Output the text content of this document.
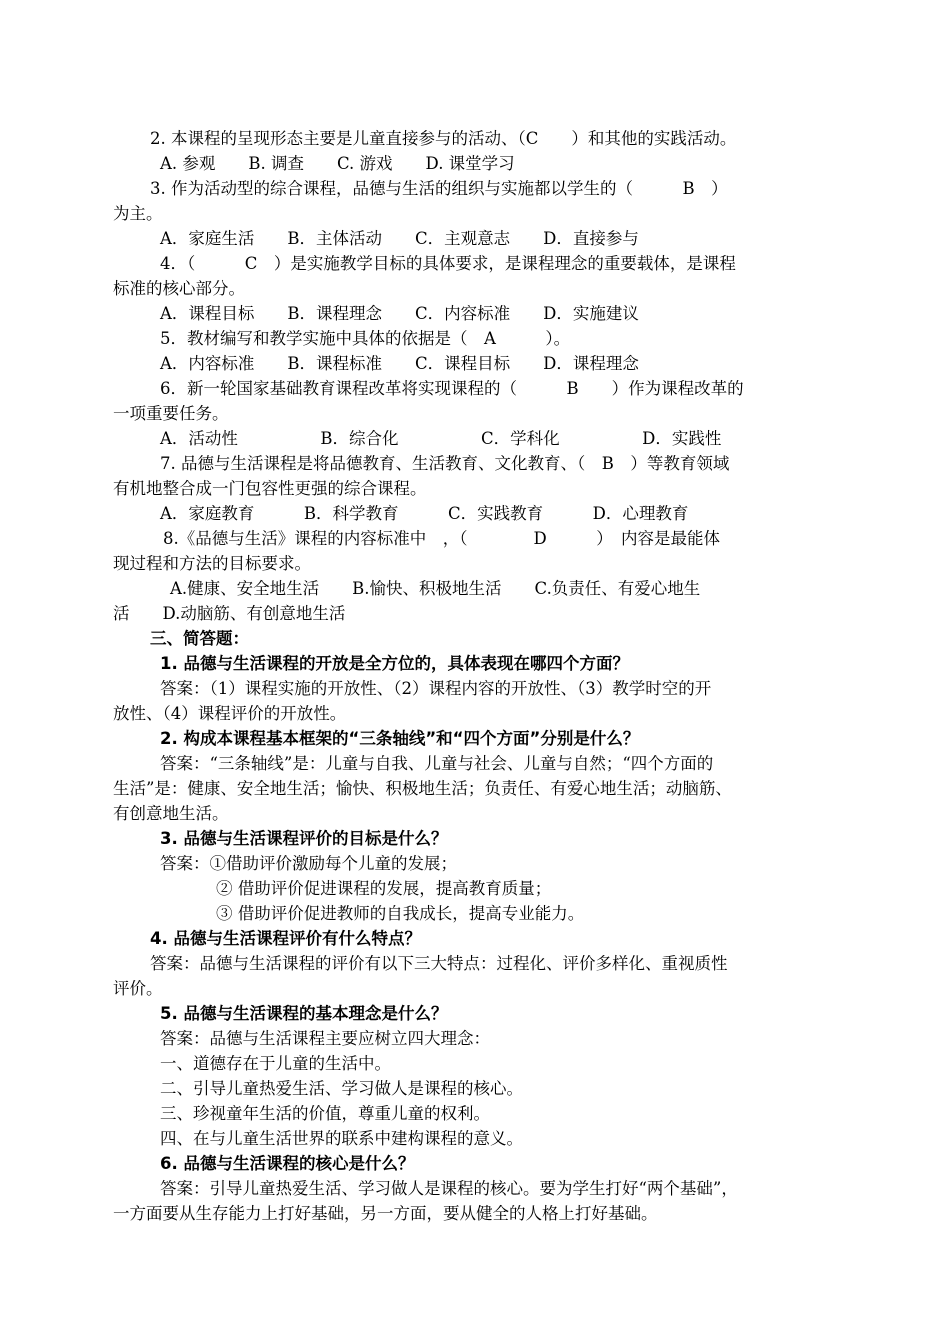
2. 本课程的呈现形态主要是儿童直接参与的活动、（C　　）和其他的实践活动。
A. 参观　　B. 调查　　C. 游戏　　D. 课堂学习
3. 作为活动型的综合课程，品德与生活的组织与实施都以学生的（　　　B　）
为主。
A．家庭生活　　B．主体活动　　C．主观意志　　D．直接参与
4．（　　　C　）是实施教学目标的具体要求，是课程理念的重要载体，是课程
标准的核心部分。
A．课程目标　　B．课程理念　　C．内容标准　　D．实施建议
5．教材编写和教学实施中具体的依据是（　A　　　）。
A．内容标准　　B．课程标准　　C．课程目标　　D．课程理念
6．新一轮国家基础教育课程改革将实现课程的（　　　B　　）作为课程改革的
一项重要任务。
A．活动性　　　　　B．综合化　　　　　C．学科化　　　　　D．实践性
7. 品德与生活课程是将品德教育、生活教育、文化教育、（　B　）等教育领域
有机地整合成一门包容性更强的综合课程。
A．家庭教育　　　B．科学教育　　　C．实践教育　　　D．心理教育
8.《品德与生活》课程的内容标准中　，（　　　　D　　　）　内容是最能体
现过程和方法的目标要求。
A.健康、安全地生活　　B.愉快、积极地生活　　C.负责任、有爱心地生
活　　D.动脑筋、有创意地生活
三、简答题：
1. 品德与生活课程的开放是全方位的，具体表现在哪四个方面？
答案：（1）课程实施的开放性、（2）课程内容的开放性、（3）教学时空的开
放性、（4）课程评价的开放性。
2. 构成本课程基本框架的“三条轴线”和“四个方面”分别是什么？
答案：“三条轴线”是：儿童与自我、儿童与社会、儿童与自然；“四个方面的
生活”是：健康、安全地生活；愉快、积极地生活；负责任、有爱心地生活；动脑筋、
有创意地生活。
3. 品德与生活课程评价的目标是什么？
答案：①借助评价激励每个儿童的发展；
② 借助评价促进课程的发展，提高教育质量；
③ 借助评价促进教师的自我成长，提高专业能力。
4. 品德与生活课程评价有什么特点？
答案：品德与生活课程的评价有以下三大特点：过程化、评价多样化、重视质性
评价。
5. 品德与生活课程的基本理念是什么？
答案：品德与生活课程主要应树立四大理念：
一、道德存在于儿童的生活中。
二、引导儿童热爱生活、学习做人是课程的核心。
三、珍视童年生活的价值，尊重儿童的权利。
四、在与儿童生活世界的联系中建构课程的意义。
6. 品德与生活课程的核心是什么？
答案：引导儿童热爱生活、学习做人是课程的核心。要为学生打好“两个基础”，
一方面要从生存能力上打好基础，另一方面，要从健全的人格上打好基础。
